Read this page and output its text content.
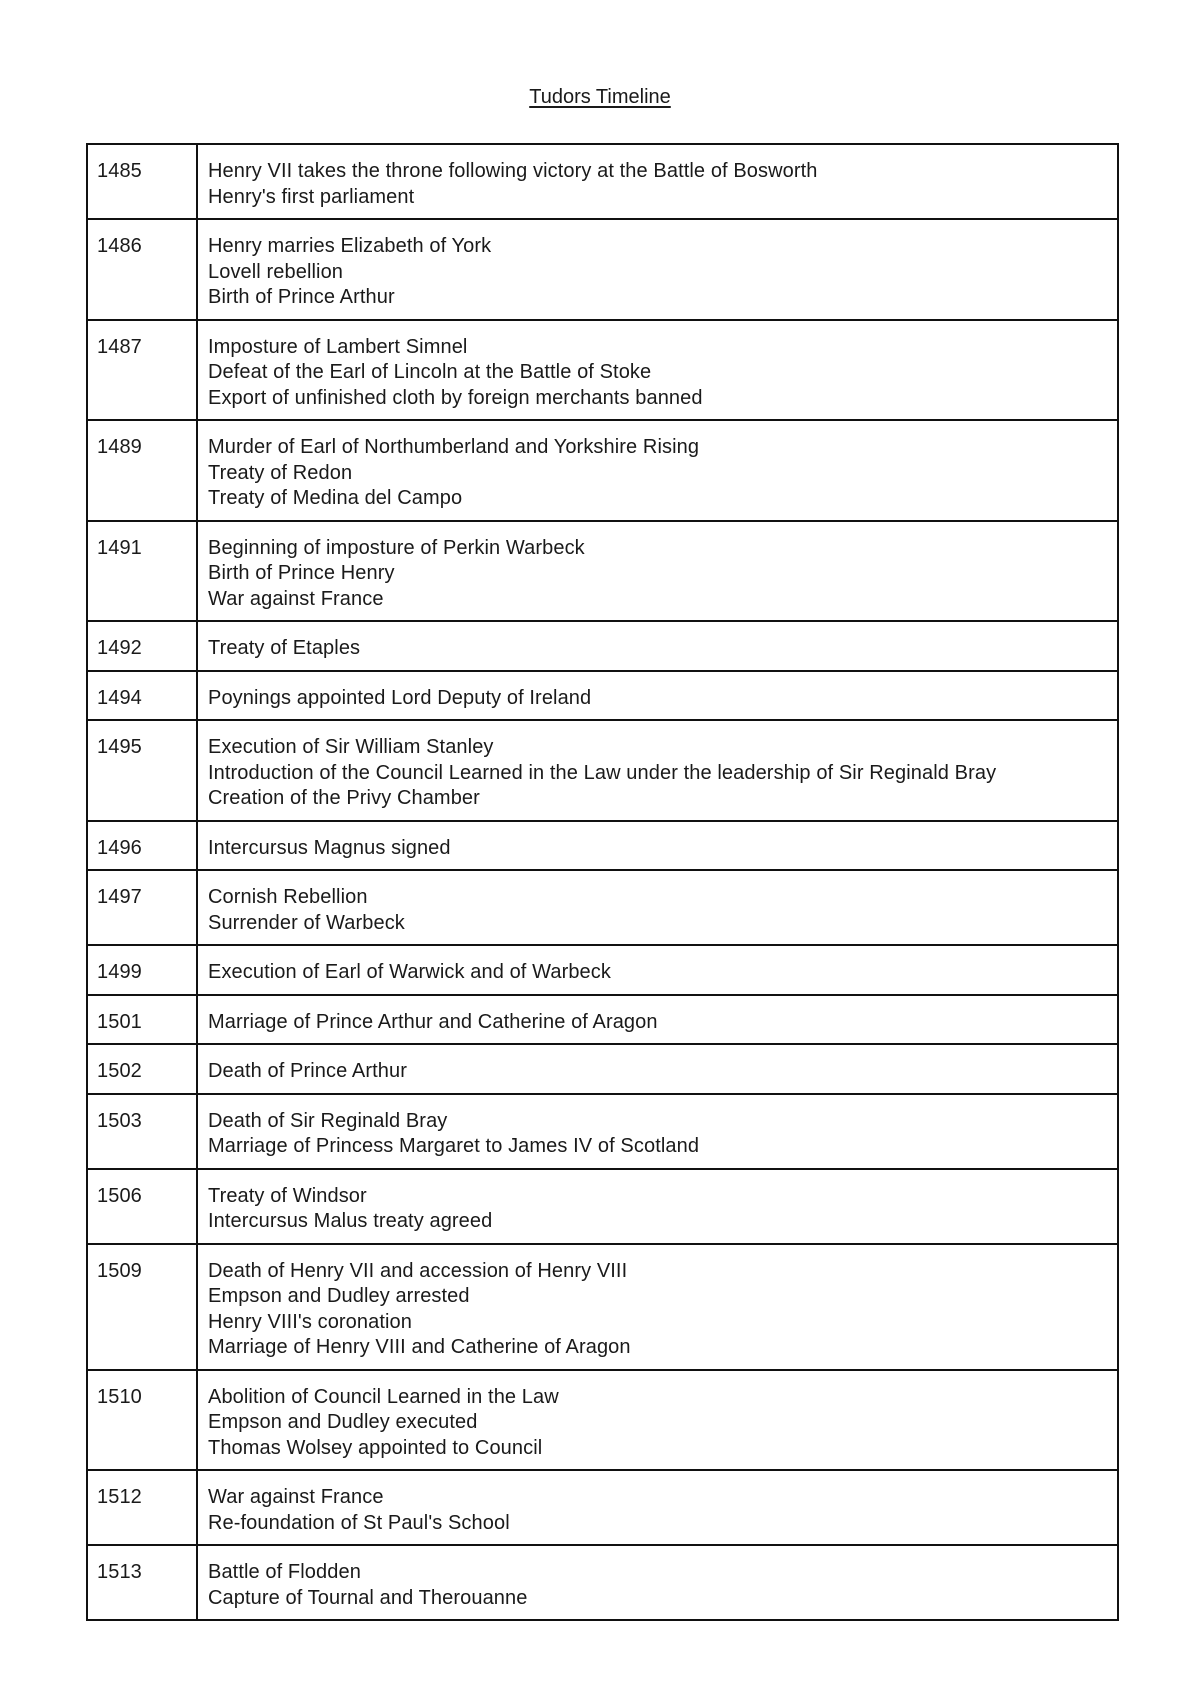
Tudors Timeline
1485	Henry VII takes the throne following victory at the Battle of Bosworth
Henry's first parliament

1486	Henry marries Elizabeth of York
Lovell rebellion
Birth of Prince Arthur

1487	Imposture of Lambert Simnel
Defeat of the Earl of Lincoln at the Battle of Stoke
Export of unfinished cloth by foreign merchants banned

1489	Murder of Earl of Northumberland and Yorkshire Rising
Treaty of Redon
Treaty of Medina del Campo

1491	Beginning of imposture of Perkin Warbeck
Birth of Prince Henry
War against France

1492	Treaty of Etaples

1494	Poynings appointed Lord Deputy of Ireland

1495	Execution of Sir William Stanley
Introduction of the Council Learned in the Law under the leadership of Sir Reginald Bray
Creation of the Privy Chamber

1496	Intercursus Magnus signed

1497	Cornish Rebellion
Surrender of Warbeck

1499	Execution of Earl of Warwick and of Warbeck

1501	Marriage of Prince Arthur and Catherine of Aragon

1502	Death of Prince Arthur

1503	Death of Sir Reginald Bray
Marriage of Princess Margaret to James IV of Scotland

1506	Treaty of Windsor
Intercursus Malus treaty agreed

1509	Death of Henry VII and accession of Henry VIII
Empson and Dudley arrested
Henry VIII's coronation
Marriage of Henry VIII and Catherine of Aragon

1510	Abolition of Council Learned in the Law
Empson and Dudley executed
Thomas Wolsey appointed to Council

1512	War against France
Re-foundation of St Paul's School

1513	Battle of Flodden
Capture of Tournal and Therouanne
